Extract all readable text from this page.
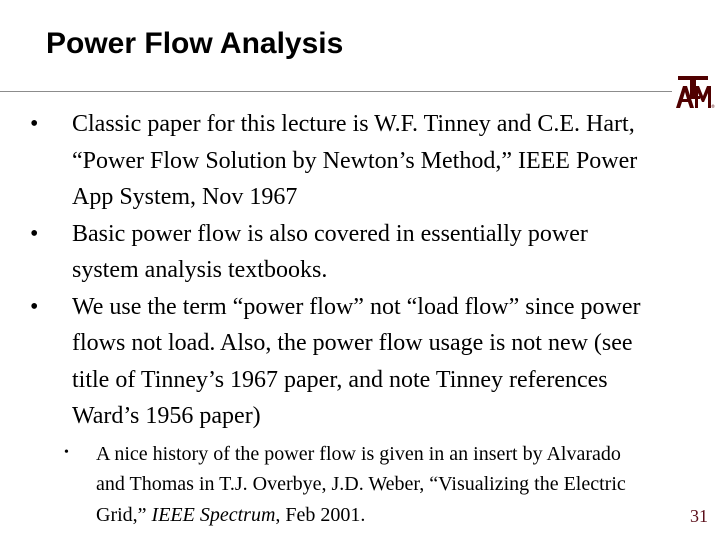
Power Flow Analysis
®
• Classic paper for this lecture is W.F. Tinney and C.E. Hart, “Power Flow Solution by Newton’s Method,” IEEE Power App System, Nov 1967
• Basic power flow is also covered in essentially power system analysis textbooks.
• We use the term “power flow” not “load flow” since power flows not load. Also, the power flow usage is not new (see title of Tinney’s 1967 paper, and note Tinney references Ward’s 1956 paper)
• A nice history of the power flow is given in an insert by Alvarado and Thomas in T.J. Overbye, J.D. Weber, “Visualizing the Electric Grid,” IEEE Spectrum, Feb 2001.	31
